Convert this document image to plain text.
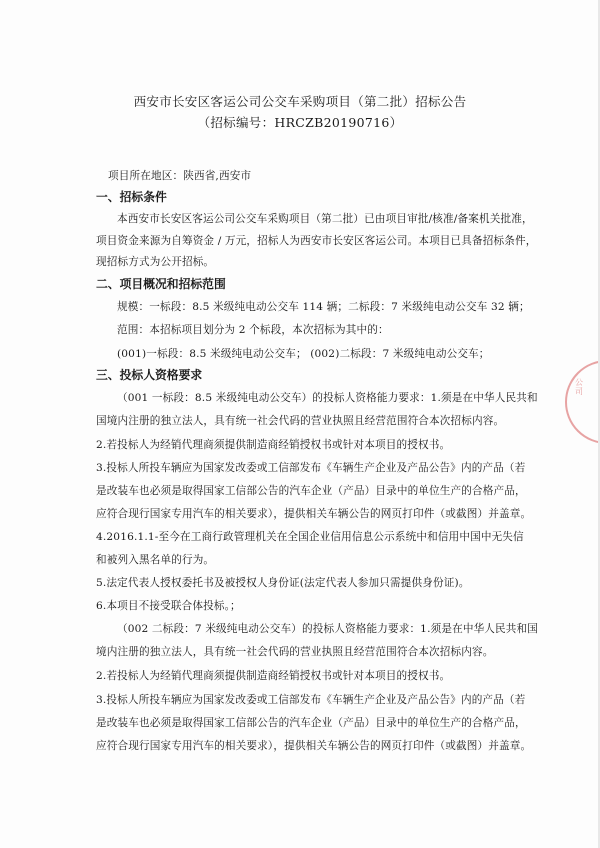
西安市长安区客运公司公交车采购项目（第二批）招标公告
（招标编号：HRCZB20190716）
项目所在地区：陕西省,西安市
一、招标条件
本西安市长安区客运公司公交车采购项目（第二批）已由项目审批/核准/备案机关批准，
项目资金来源为自筹资金 / 万元，招标人为西安市长安区客运公司。本项目已具备招标条件，
现招标方式为公开招标。
二、项目概况和招标范围
规模：一标段：8.5 米级纯电动公交车 114 辆；二标段：7 米级纯电动公交车 32 辆；
范围：本招标项目划分为 2 个标段，本次招标为其中的：
(001)一标段：8.5 米级纯电动公交车； (002)二标段：7 米级纯电动公交车；
三、投标人资格要求
（001 一标段：8.5 米级纯电动公交车）的投标人资格能力要求：1.须是在中华人民共和
国境内注册的独立法人，具有统一社会代码的营业执照且经营范围符合本次招标内容。
2.若投标人为经销代理商须提供制造商经销授权书或针对本项目的授权书。
3.投标人所投车辆应为国家发改委或工信部发布《车辆生产企业及产品公告》内的产品（若
是改装车也必须是取得国家工信部公告的汽车企业（产品）目录中的单位生产的合格产品，
应符合现行国家专用汽车的相关要求），提供相关车辆公告的网页打印件（或截图）并盖章。
4.2016.1.1-至今在工商行政管理机关在全国企业信用信息公示系统中和信用中国中无失信
和被列入黑名单的行为。
5.法定代表人授权委托书及被授权人身份证(法定代表人参加只需提供身份证)。
6.本项目不接受联合体投标。；
（002 二标段：7 米级纯电动公交车）的投标人资格能力要求：1.须是在中华人民共和国
境内注册的独立法人，具有统一社会代码的营业执照且经营范围符合本次招标内容。
2.若投标人为经销代理商须提供制造商经销授权书或针对本项目的授权书。
3.投标人所投车辆应为国家发改委或工信部发布《车辆生产企业及产品公告》内的产品（若
是改装车也必须是取得国家工信部公告的汽车企业（产品）目录中的单位生产的合格产品，
应符合现行国家专用汽车的相关要求），提供相关车辆公告的网页打印件（或截图）并盖章。
公司
